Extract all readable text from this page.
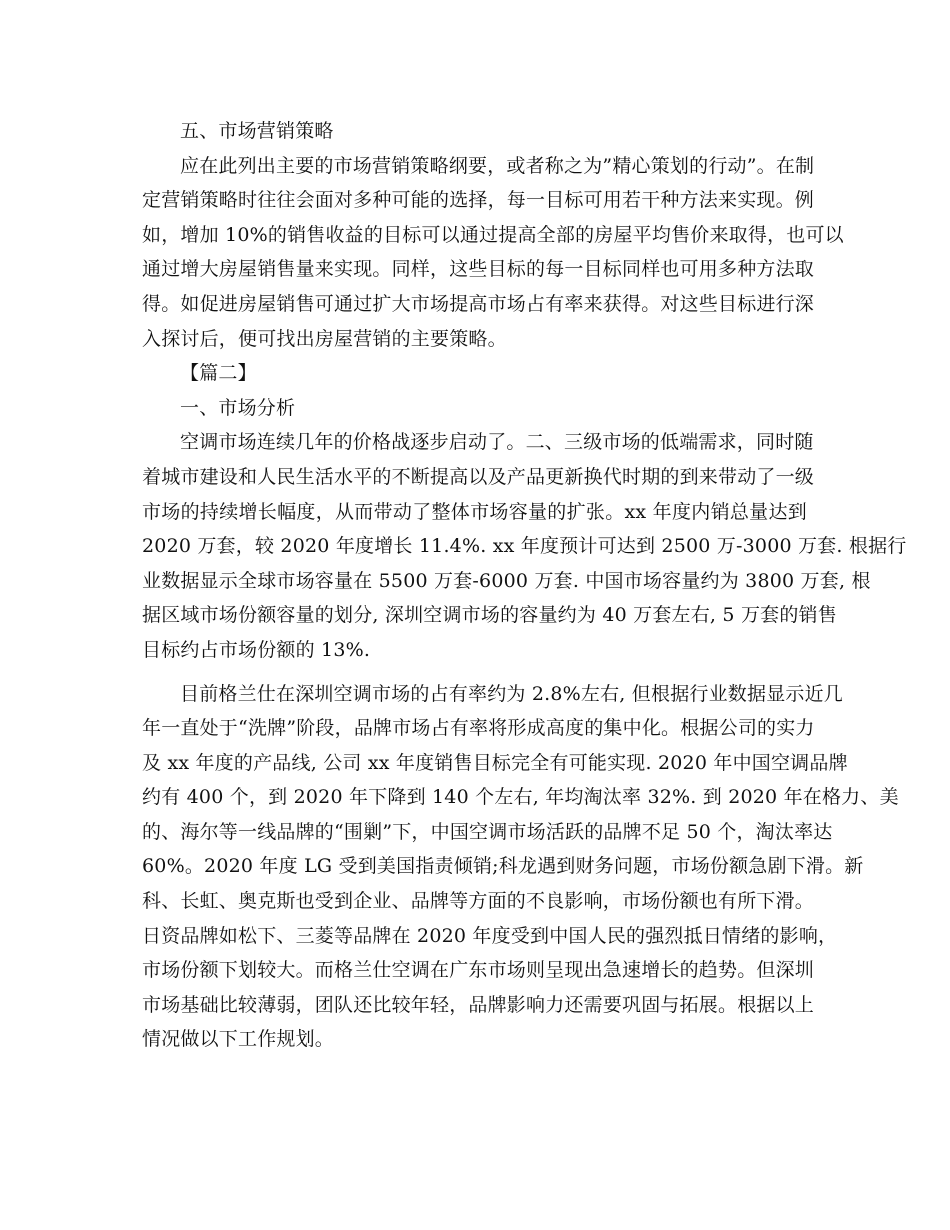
五、市场营销策略
应在此列出主要的市场营销策略纲要，或者称之为”精心策划的行动”。在制
定营销策略时往往会面对多种可能的选择，每一目标可用若干种方法来实现。例
如，增加 10%的销售收益的目标可以通过提高全部的房屋平均售价来取得，也可以
通过增大房屋销售量来实现。同样，这些目标的每一目标同样也可用多种方法取
得。如促进房屋销售可通过扩大市场提高市场占有率来获得。对这些目标进行深
入探讨后，便可找出房屋营销的主要策略。
【篇二】
一、市场分析
空调市场连续几年的价格战逐步启动了。二、三级市场的低端需求，同时随
着城市建设和人民生活水平的不断提高以及产品更新换代时期的到来带动了一级
市场的持续增长幅度，从而带动了整体市场容量的扩张。xx 年度内销总量达到
2020 万套，较 2020 年度增长 11.4%. xx 年度预计可达到 2500 万-3000 万套. 根据行
业数据显示全球市场容量在 5500 万套-6000 万套. 中国市场容量约为 3800 万套, 根
据区域市场份额容量的划分, 深圳空调市场的容量约为 40 万套左右, 5 万套的销售
目标约占市场份额的 13%.
目前格兰仕在深圳空调市场的占有率约为 2.8%左右, 但根据行业数据显示近几
年一直处于“洗牌”阶段，品牌市场占有率将形成高度的集中化。根据公司的实力
及 xx 年度的产品线, 公司 xx 年度销售目标完全有可能实现. 2020 年中国空调品牌
约有 400 个，到 2020 年下降到 140 个左右, 年均淘汰率 32%. 到 2020 年在格力、美
的、海尔等一线品牌的“围剿”下，中国空调市场活跃的品牌不足 50 个，淘汰率达
60%。2020 年度 LG 受到美国指责倾销;科龙遇到财务问题，市场份额急剧下滑。新
科、长虹、奥克斯也受到企业、品牌等方面的不良影响，市场份额也有所下滑。
日资品牌如松下、三菱等品牌在 2020 年度受到中国人民的强烈抵日情绪的影响，
市场份额下划较大。而格兰仕空调在广东市场则呈现出急速增长的趋势。但深圳
市场基础比较薄弱，团队还比较年轻，品牌影响力还需要巩固与拓展。根据以上
情况做以下工作规划。
